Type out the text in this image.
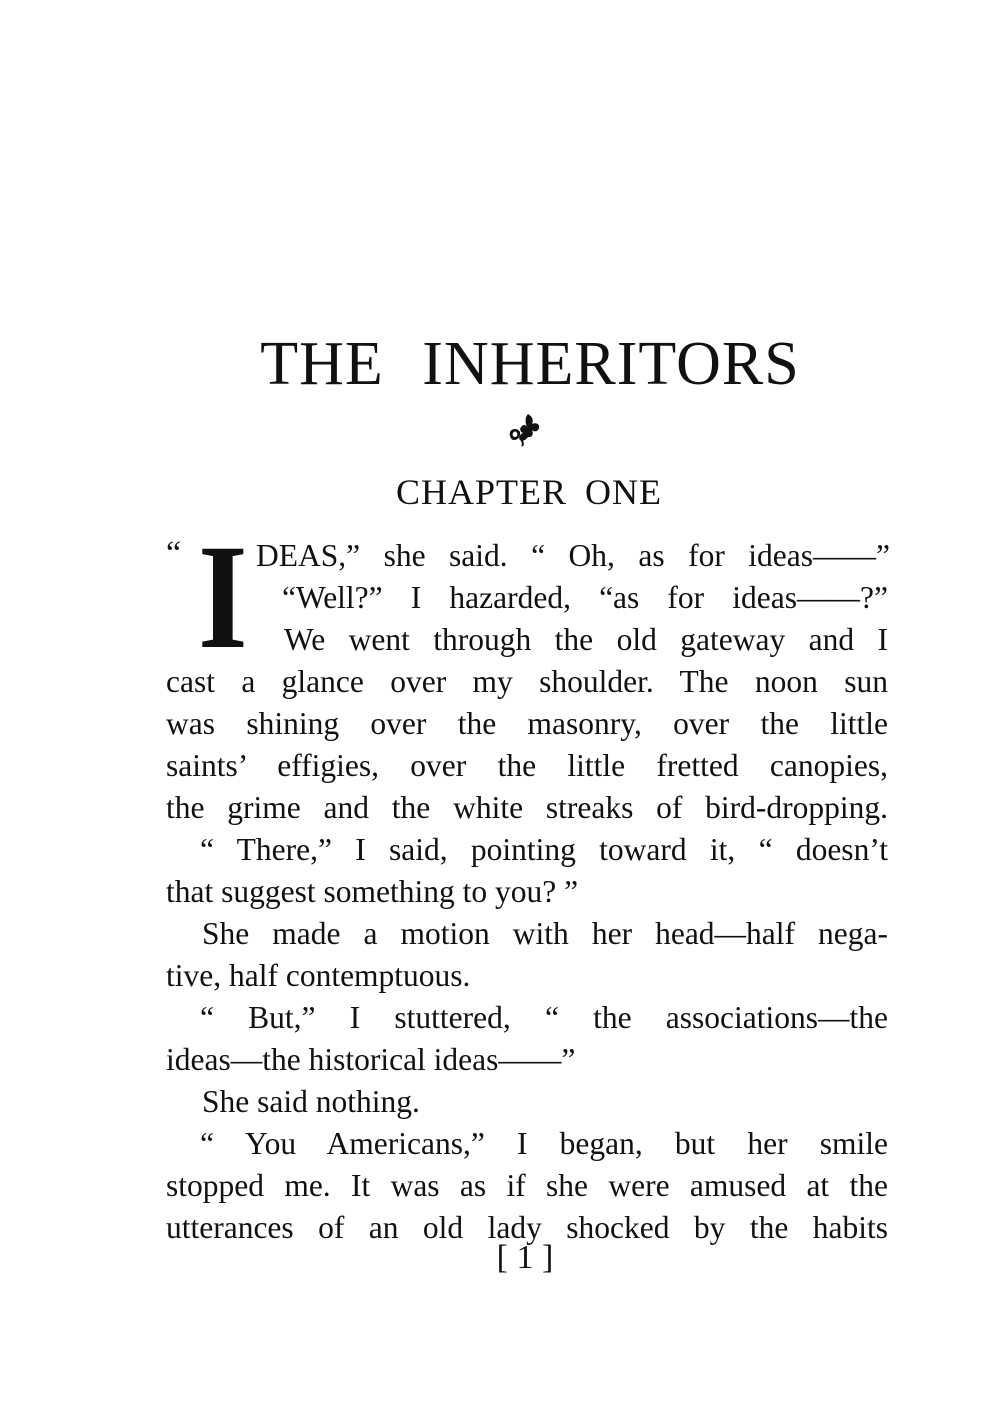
THE INHERITORS
CHAPTER ONE
“ I DEAS,” she said. “ Oh, as for ideas——”
“Well?” I hazarded, “as for ideas——?”
We went through the old gateway and I
cast a glance over my shoulder. The noon sun
was shining over the masonry, over the little
saints’ effigies, over the little fretted canopies,
the grime and the white streaks of bird-dropping.
“ There,” I said, pointing toward it, “ doesn’t
that suggest something to you? ”
She made a motion with her head—half nega-
tive, half contemptuous.
“ But,” I stuttered, “ the associations—the
ideas—the historical ideas——”
She said nothing.
“ You Americans,” I began, but her smile
stopped me. It was as if she were amused at the
utterances of an old lady shocked by the habits
[ 1 ]
